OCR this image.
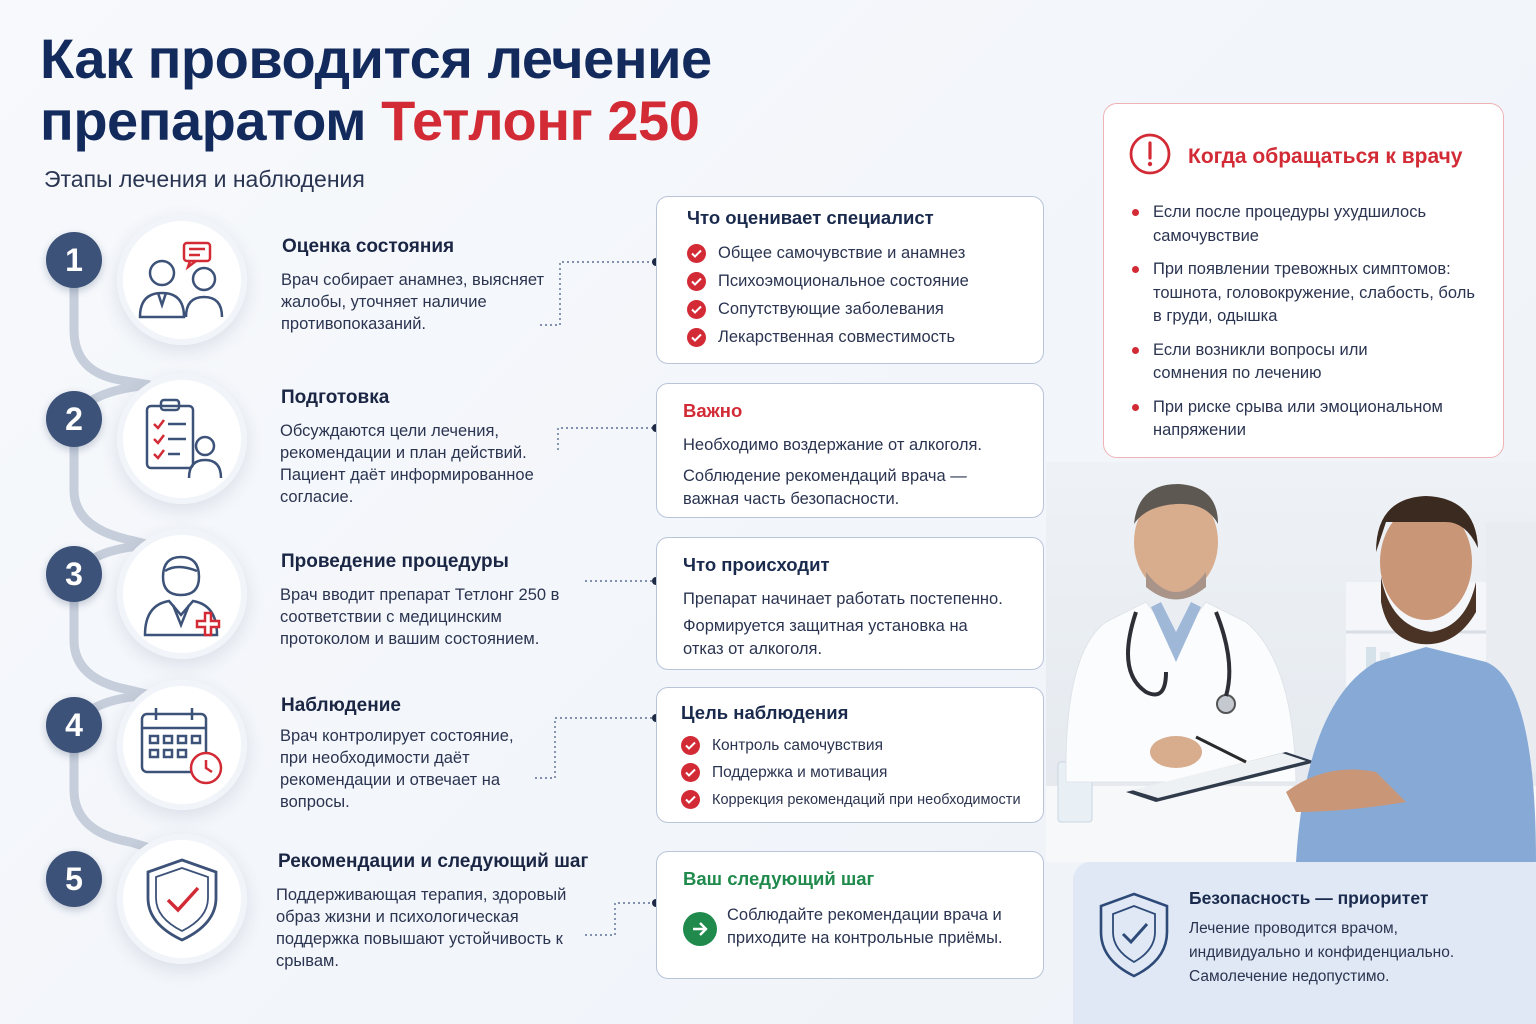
Как проводится лечение
препаратом Тетлонг 250
Этапы лечения и наблюдения
1	Оценка состояния
Врач собирает анамнез, выясняет жалобы, уточняет наличие противопоказаний.
2
Подготовка
Обсуждаются цели лечения, рекомендации и план действий. Пациент даёт информированное согласие.
3	Проведение процедуры
Врач вводит препарат Тетлонг 250 в соответствии с медицинским протоколом и вашим состоянием.
4
Наблюдение
Врач контролирует состояние, при необходимости даёт рекомендации и отвечает на вопросы.
5	Рекомендации и следующий шаг
Поддерживающая терапия, здоровый образ жизни и психологическая поддержка повышают устойчивость к срывам.
Что оценивает специалист
Общее самочувствие и анамнез
Психоэмоциональное состояние
Сопутствующие заболевания
Лекарственная совместимость
Важно
Необходимо воздержание от алкоголя.
Соблюдение рекомендаций врача — важная часть безопасности.
Что происходит
Препарат начинает работать постепенно.
Формируется защитная установка на отказ от алкоголя.
Цель наблюдения
Контроль самочувствия
Поддержка и мотивация
Коррекция рекомендаций при необходимости
Ваш следующий шаг
Соблюдайте рекомендации врача и приходите на контрольные приёмы.
Когда обращаться к врачу
Если после процедуры ухудшилось самочувствие
При появлении тревожных симптомов: тошнота, головокружение, слабость, боль в груди, одышка
Если возникли вопросы или сомнения по лечению
При риске срыва или эмоциональном напряжении
Безопасность — приоритет
Лечение проводится врачом, индивидуально и конфиденциально.
Самолечение недопустимо.
